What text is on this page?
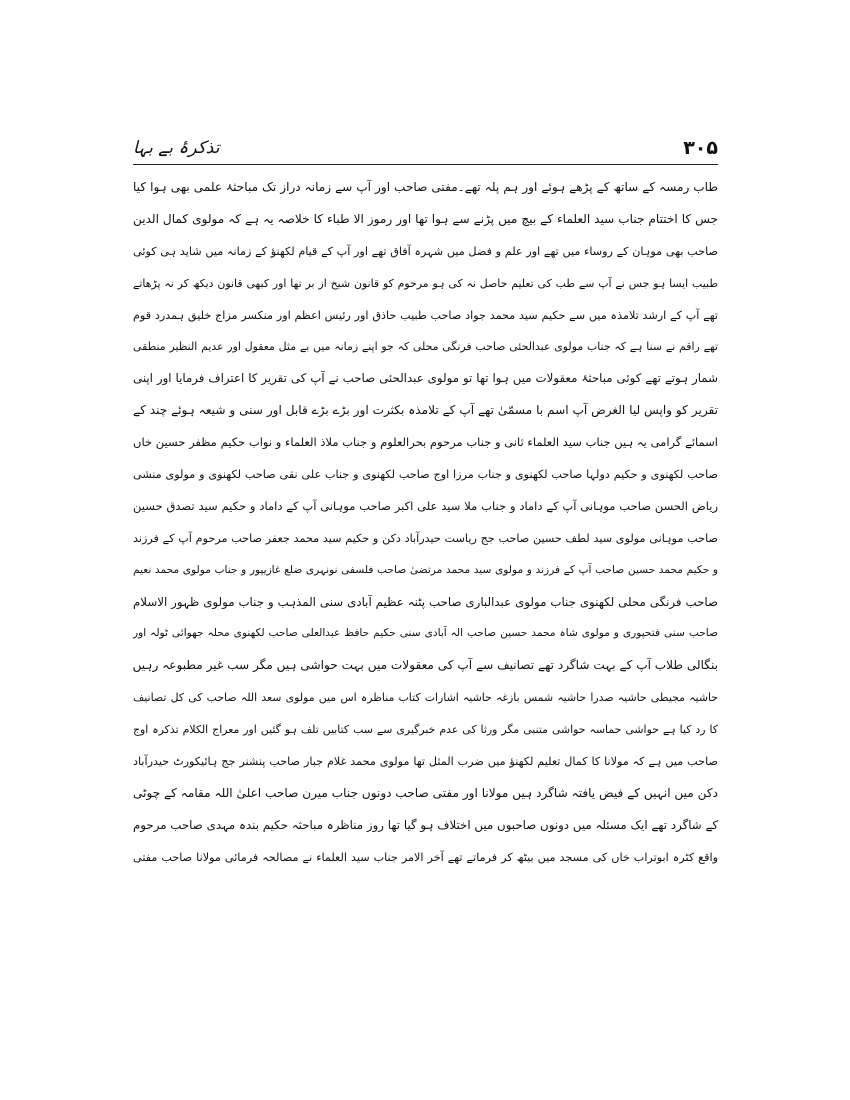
۳۰۵
تذکرۂ بے بہا
طاب رمسہ کے ساتھ کے پڑھے ہوئے اور ہم پلہ تھے۔مفتی صاحب اور آپ سے زمانہ دراز تک مباحثۂ علمی بھی ہوا کیا
جس کا اختتام جناب سید العلماء کے بیچ میں پڑنے سے ہوا تھا اور رموز الا طباء کا خلاصہ یہ ہے کہ مولوی کمال الدین
صاحب بھی موہان کے روساء میں تھے اور علم و فضل میں شہرہ آفاق تھے اور آپ کے قیام لکھنؤ کے زمانہ میں شاید ہی کوئی
طبیب ایسا ہو جس نے آپ سے طب کی تعلیم حاصل نہ کی ہو مرحوم کو قانون شیخ از بر تھا اور کبھی قانون دیکھ کر نہ پڑھاتے
تھے آپ کے ارشد تلامذہ میں سے حکیم سید محمد جواد صاحب طبیب حاذق اور رئیس اعظم اور منکسر مزاج خلیق ہمدرد قوم
تھے راقم نے سنا ہے کہ جناب مولوی عبدالحئی صاحب فرنگی محلی کہ جو اپنے زمانہ میں بے مثل معقول اور عدیم النظیر منطقی
شمار ہوتے تھے کوئی مباحثۂ معقولات میں ہوا تھا تو مولوی عبدالحئی صاحب نے آپ کی تقریر کا اعتراف فرمایا اور اپنی
تقریر کو واپس لیا الغرض آپ اسم با مسمّیٰ تھے آپ کے تلامذہ بکثرت اور بڑے بڑے قابل اور سنی و شیعہ ہوئے چند کے
اسمائے گرامی یہ ہیں جناب سید العلماء ثانی و جناب مرحوم بحرالعلوم و جناب ملاذ العلماء و نواب حکیم مظفر حسین خاں
صاحب لکھنوی و حکیم دولہا صاحب لکھنوی و جناب مرزا اوج صاحب لکھنوی و جناب علی نقی صاحب لکھنوی و مولوی منشی
ریاض الحسن صاحب موہانی آپ کے داماد و جناب ملا سید علی اکبر صاحب موہانی آپ کے داماد و حکیم سید تصدق حسین
صاحب موہانی مولوی سید لطف حسین صاحب جج ریاست حیدرآباد دکن و حکیم سید محمد جعفر صاحب مرحوم آپ کے فرزند
و حکیم محمد حسین صاحب آپ کے فرزند و مولوی سید محمد مرتضیٰ صاحب فلسفی نونہری ضلع غازیپور و جناب مولوی محمد نعیم
صاحب فرنگی محلی لکھنوی جناب مولوی عبدالباری صاحب پٹنہ عظیم آبادی سنی المذہب و جناب مولوی ظہور الاسلام
صاحب سنی فتحپوری و مولوی شاہ محمد حسین صاحب الہ آبادی سنی حکیم حافظ عبدالعلی صاحب لکھنوی محلہ جھوائی ٹولہ اور
بنگالی طلاب آپ کے بہت شاگرد تھے تصانیف سے آپ کی معقولات میں بہت حواشی ہیں مگر سب غیر مطبوعہ رہیں
حاشیہ مجیطی حاشیہ صدرا حاشیہ شمس بازغہ حاشیہ اشارات کتاب مناظرہ اس میں مولوی سعد اللہ صاحب کی کل تصانیف
کا رد کیا ہے حواشی حماسہ حواشی متنبی مگر ورثا کی عدم خبرگیری سے سب کتابیں تلف ہو گئیں اور معراج الکلام تذکرہ اوج
صاحب میں ہے کہ مولانا کا کمال تعلیم لکھنؤ میں ضرب المثل تھا مولوی محمد غلام جبار صاحب پنشنر جج ہائیکورٹ حیدرآباد
دکن میں انہیں کے فیض یافتہ شاگرد ہیں مولانا اور مفتی صاحب دونوں جناب میرن صاحب اعلیٰ اللہ مقامہ کے چوٹی
کے شاگرد تھے ایک مسئلہ میں دونوں صاحبوں میں اختلاف ہو گیا تھا روز مناظرہ مباحثہ حکیم بندہ مہدی صاحب مرحوم
واقع کٹرہ ابوتراب خاں کی مسجد میں بیٹھ کر فرماتے تھے آخر الامر جناب سید العلماء نے مصالحہ فرمائی مولانا صاحب مفتی
